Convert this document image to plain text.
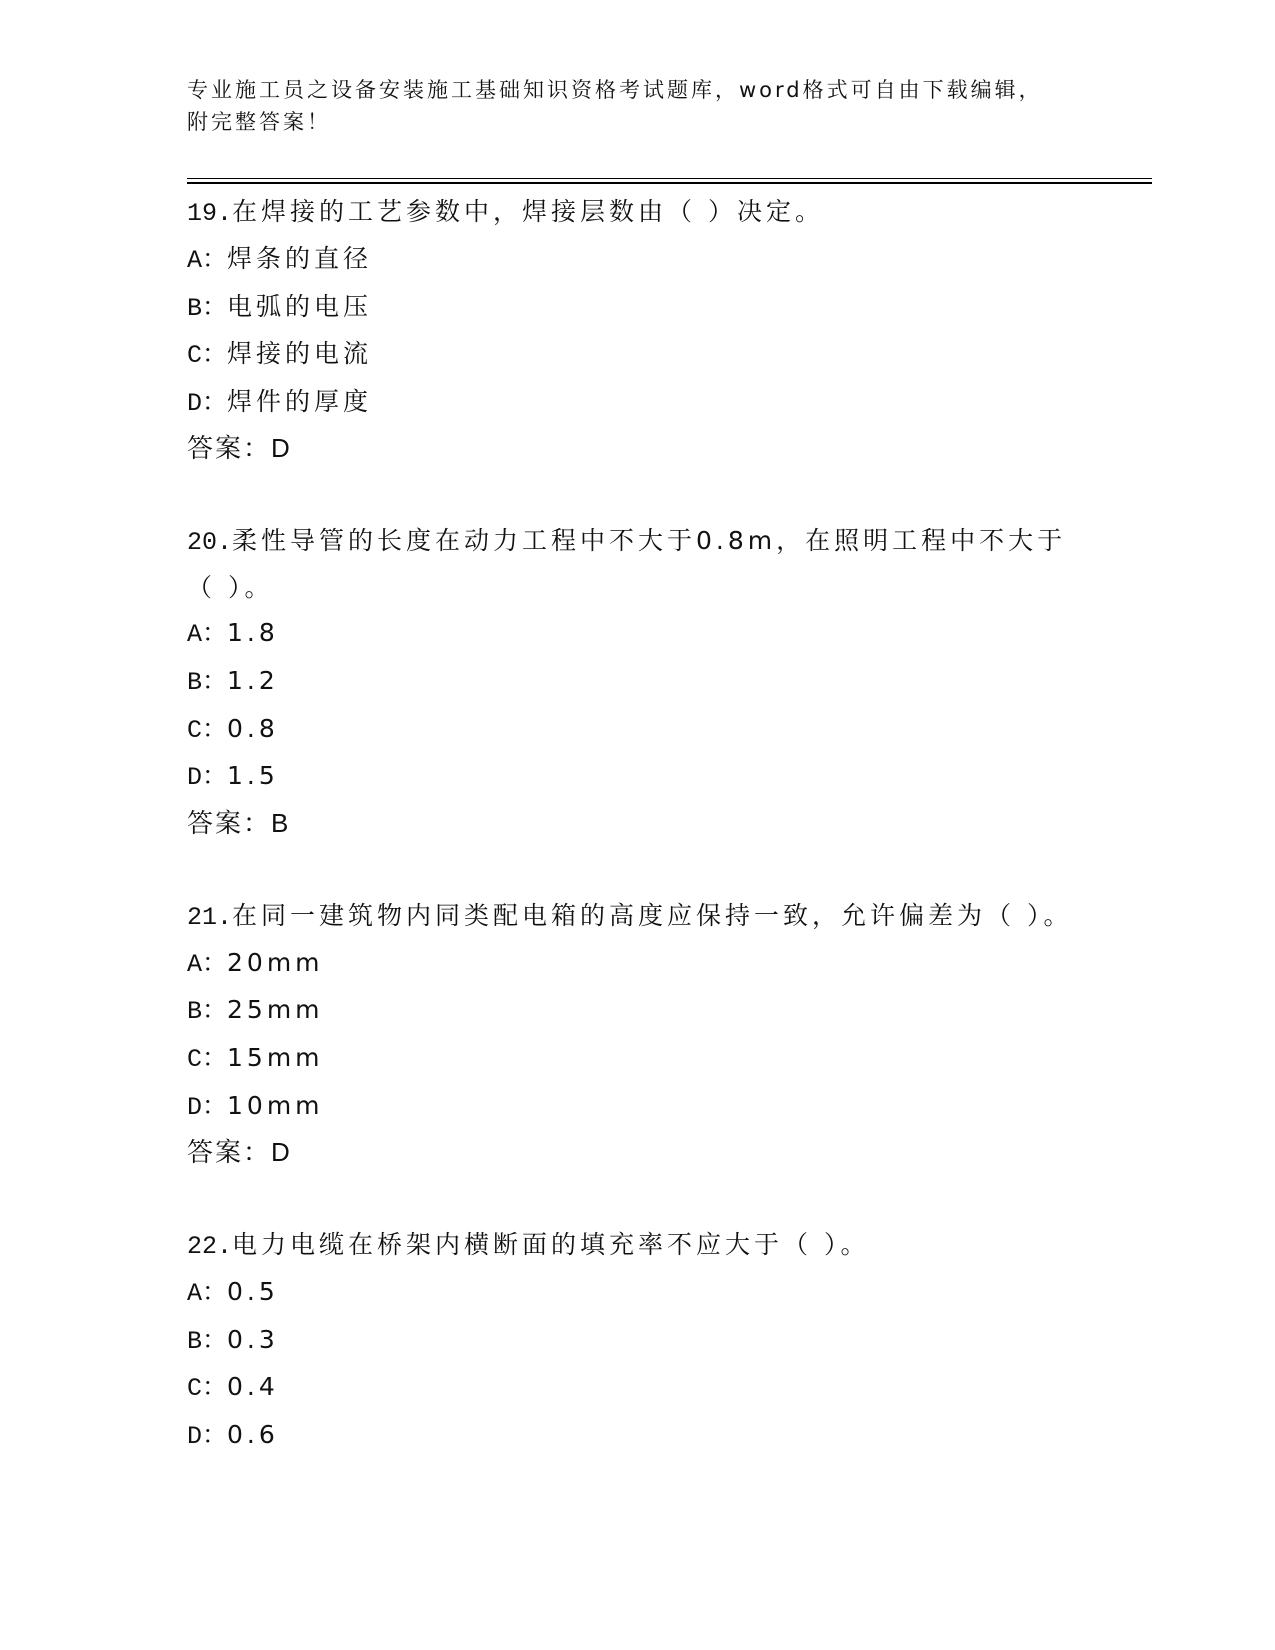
专业施工员之设备安装施工基础知识资格考试题库，word格式可自由下载编辑，
附完整答案！

19.在焊接的工艺参数中，焊接层数由（ ）决定。

A：焊条的直径

B：电弧的电压

C：焊接的电流

D：焊件的厚度

答案：D

20.柔性导管的长度在动力工程中不大于0.8m，在照明工程中不大于（ ）。

A：1.8

B：1.2

C：0.8

D：1.5

答案：B

21.在同一建筑物内同类配电箱的高度应保持一致，允许偏差为（ ）。

A：20mm

B：25mm

C：15mm

D：10mm

答案：D

22.电力电缆在桥架内横断面的填充率不应大于（ ）。

A：0.5

B：0.3

C：0.4

D：0.6
